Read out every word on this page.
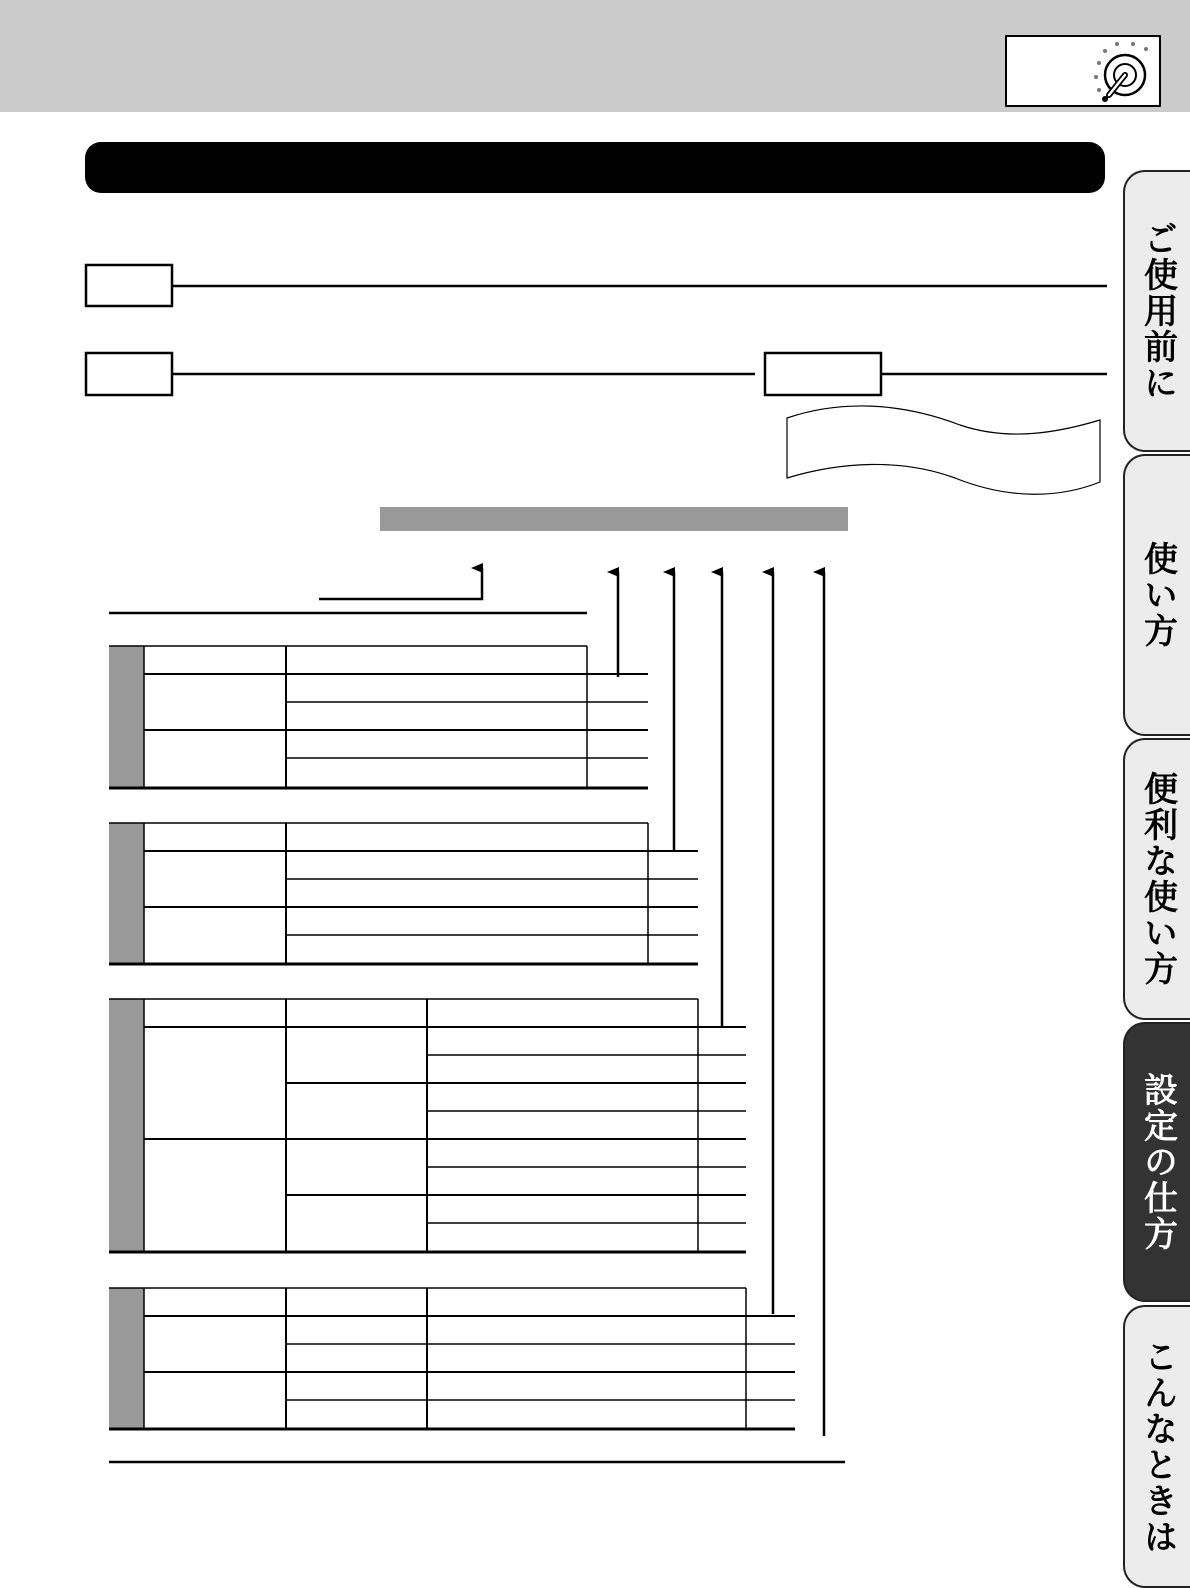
ご使用前に
使い方
便利な使い方
設定の仕方
こんなときは
